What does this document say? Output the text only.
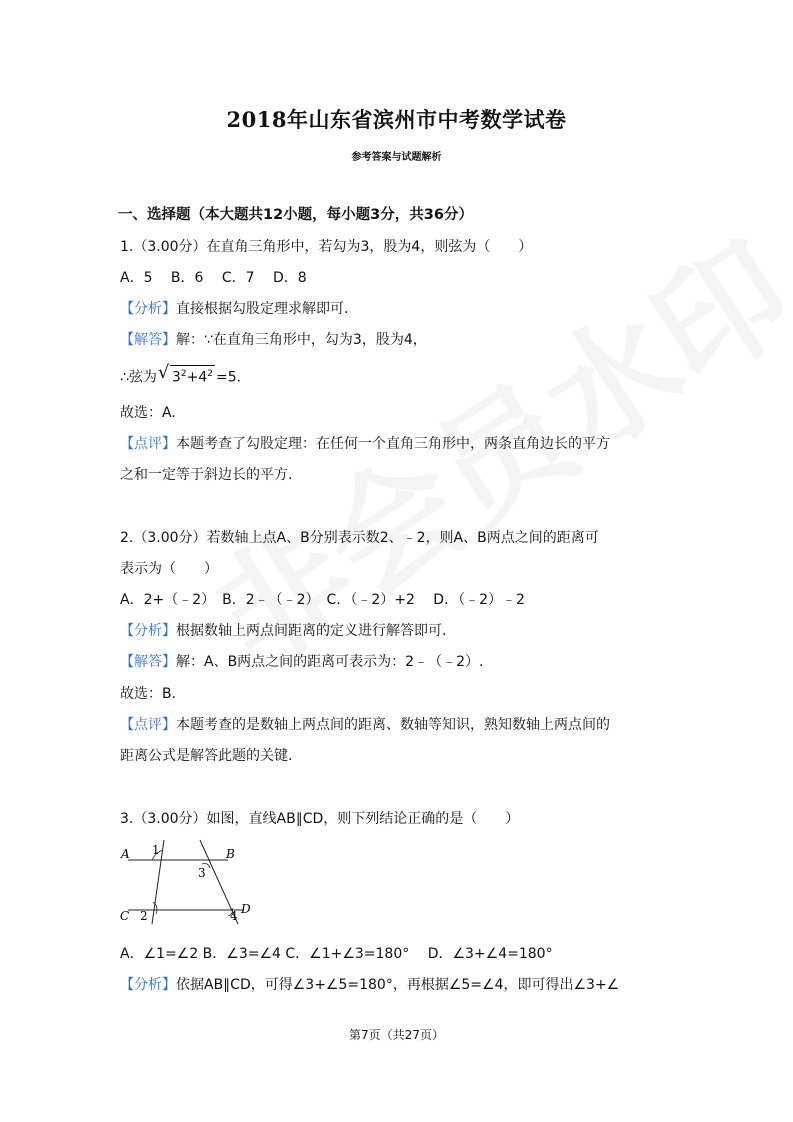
2018年山东省滨州市中考数学试卷
参考答案与试题解析
一、选择题（本大题共12小题，每小题3分，共36分）
1.（3.00分）在直角三角形中，若勾为3，股为4，则弦为（　　）
A．5　 B．6　 C．7　 D．8
【分析】直接根据勾股定理求解即可.
【解答】解：∵在直角三角形中，勾为3，股为4，
∴弦为 √ $3^2+4^2 =5$.
故选：A.
【点评】本题考查了勾股定理：在任何一个直角三角形中，两条直角边长的平方
之和一定等于斜边长的平方.
2.（3.00分）若数轴上点A、B分别表示数2、﹣2，则A、B两点之间的距离可
表示为（　　）
A．2+（﹣2）　B．2﹣（﹣2）　C．（﹣2）+2　 D．（﹣2）﹣2
【分析】根据数轴上两点间距离的定义进行解答即可.
【解答】解：A、B两点之间的距离可表示为：2﹣（﹣2）.
故选：B.
【点评】本题考查的是数轴上两点间的距离、数轴等知识，熟知数轴上两点间的
距离公式是解答此题的关键.
3.（3.00分）如图，直线AB∥CD，则下列结论正确的是（　　）
A	B
C	D
1
2
3
4
A．∠1=∠2 B．∠3=∠4 C．∠1+∠3=180°　 D．∠3+∠4=180°
【分析】依据AB∥CD，可得∠3+∠5=180°，再根据∠5=∠4，即可得出∠3+∠
第7页（共27页）
